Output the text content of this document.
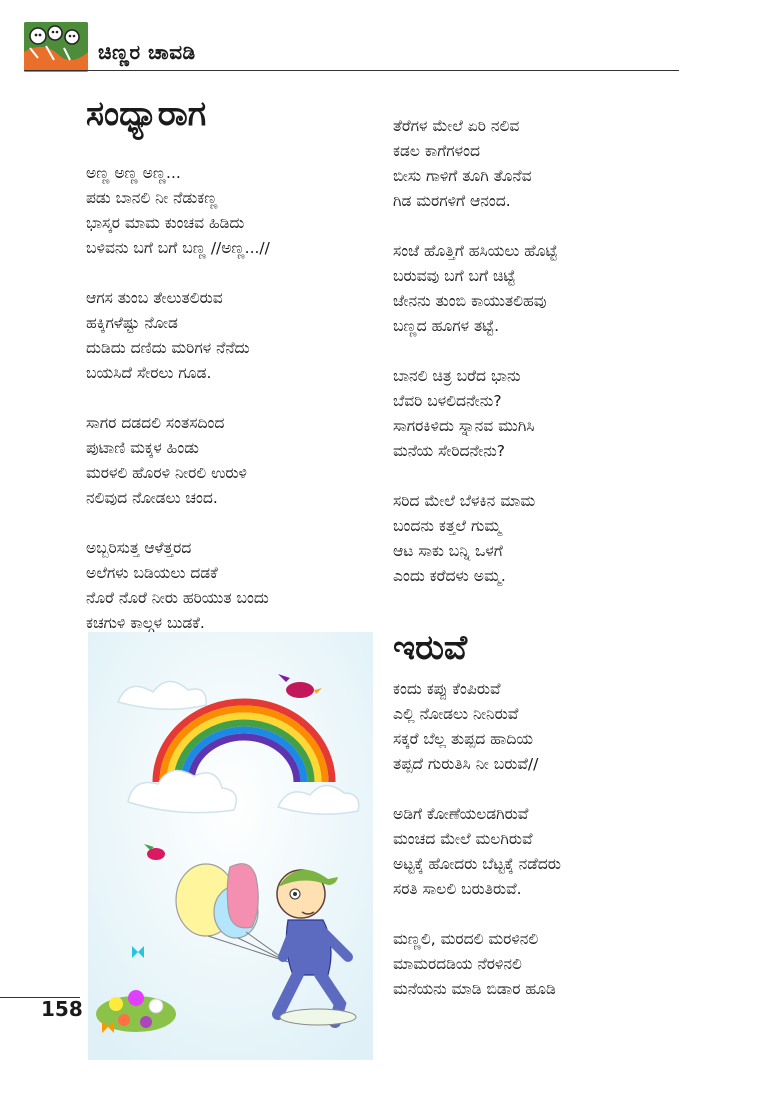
ಚಿಣ್ಣರ ಚಾವಡಿ
ಸಂಧ್ಯಾರಾಗ
ಅಣ್ಣ ಅಣ್ಣ ಅಣ್ಣ...
ಪಡು ಬಾನಲಿ ನೀ ನೆಡುಕಣ್ಣ
ಭಾಸ್ಕರ ಮಾಮ ಕುಂಚವ ಹಿಡಿದು
ಬಳಿವನು ಬಗೆ ಬಗೆ ಬಣ್ಣ //ಅಣ್ಣ...//
ಆಗಸ ತುಂಬ ತೇಲುತಲಿರುವ
ಹಕ್ಕಿಗಳೆಷ್ಟು ನೋಡ
ದುಡಿದು ದಣಿದು ಮರಿಗಳ ನೆನೆದು
ಬಯಸಿದೆ ಸೇರಲು ಗೂಡ.
ಸಾಗರ ದಡದಲಿ ಸಂತಸದಿಂದ
ಪುಟಾಣಿ ಮಕ್ಕಳ ಹಿಂಡು
ಮರಳಲಿ ಹೊರಳಿ ನೀರಲಿ ಉರುಳಿ
ನಲಿವುದ ನೋಡಲು ಚಂದ.
ಅಬ್ಬರಿಸುತ್ತ ಆಳೆತ್ತರದ
ಅಲೆಗಳು ಬಡಿಯಲು ದಡಕೆ
ನೊರೆ ನೊರೆ ನೀರು ಹರಿಯುತ ಬಂದು
ಕಚಗುಳಿ ಕಾಲ್ಗಳ ಬುಡಕೆ.
ತೆರೆಗಳ ಮೇಲೆ ಏರಿ ನಲಿವ
ಕಡಲ ಕಾಗೆಗಳಂದ
ಬೀಸು ಗಾಳಿಗೆ ತೂಗಿ ತೊನೆವ
ಗಿಡ ಮರಗಳಿಗೆ ಆನಂದ.
ಸಂಜೆ ಹೊತ್ತಿಗೆ ಹಸಿಯಲು ಹೊಟ್ಟೆ
ಬರುವವು ಬಗೆ ಬಗೆ ಚಿಟ್ಟೆ
ಜೇನನು ತುಂಬಿ ಕಾಯುತಲಿಹವು
ಬಣ್ಣದ ಹೂಗಳ ತಟ್ಟೆ.
ಬಾನಲಿ ಚಿತ್ರ ಬರೆದ ಭಾನು
ಬೆವರಿ ಬಳಲಿದನೇನು?
ಸಾಗರಕಿಳಿದು ಸ್ನಾನವ ಮುಗಿಸಿ
ಮನೆಯ ಸೇರಿದನೇನು?
ಸರಿದ ಮೇಲೆ ಬೆಳಕಿನ ಮಾಮ
ಬಂದನು ಕತ್ತಲೆ ಗುಮ್ಮ
ಆಟ ಸಾಕು ಬನ್ನಿ ಒಳಗೆ
ಎಂದು ಕರೆದಳು ಅಮ್ಮ.
ಇರುವೆ
ಕಂದು ಕಪ್ಪು ಕೆಂಪಿರುವೆ
ಎಲ್ಲಿ ನೋಡಲು ನೀನಿರುವೆ
ಸಕ್ಕರೆ ಬೆಲ್ಲ ತುಪ್ಪದ ಹಾದಿಯ
ತಪ್ಪದೆ ಗುರುತಿಸಿ ನೀ ಬರುವೆ//
ಅಡಿಗೆ ಕೋಣೆಯಲಡಗಿರುವೆ
ಮಂಚದ ಮೇಲೆ ಮಲಗಿರುವೆ
ಅಟ್ಟಕ್ಕೆ ಹೋದರು ಬೆಟ್ಟಕ್ಕೆ ನಡೆದರು
ಸರತಿ ಸಾಲಲಿ ಬರುತಿರುವೆ.
ಮಣ್ಣಲಿ, ಮರದಲಿ ಮರಳಿನಲಿ
ಮಾಮರದಡಿಯ ನೆರಳಿನಲಿ
ಮನೆಯನು ಮಾಡಿ ಬಿಡಾರ ಹೂಡಿ
158
